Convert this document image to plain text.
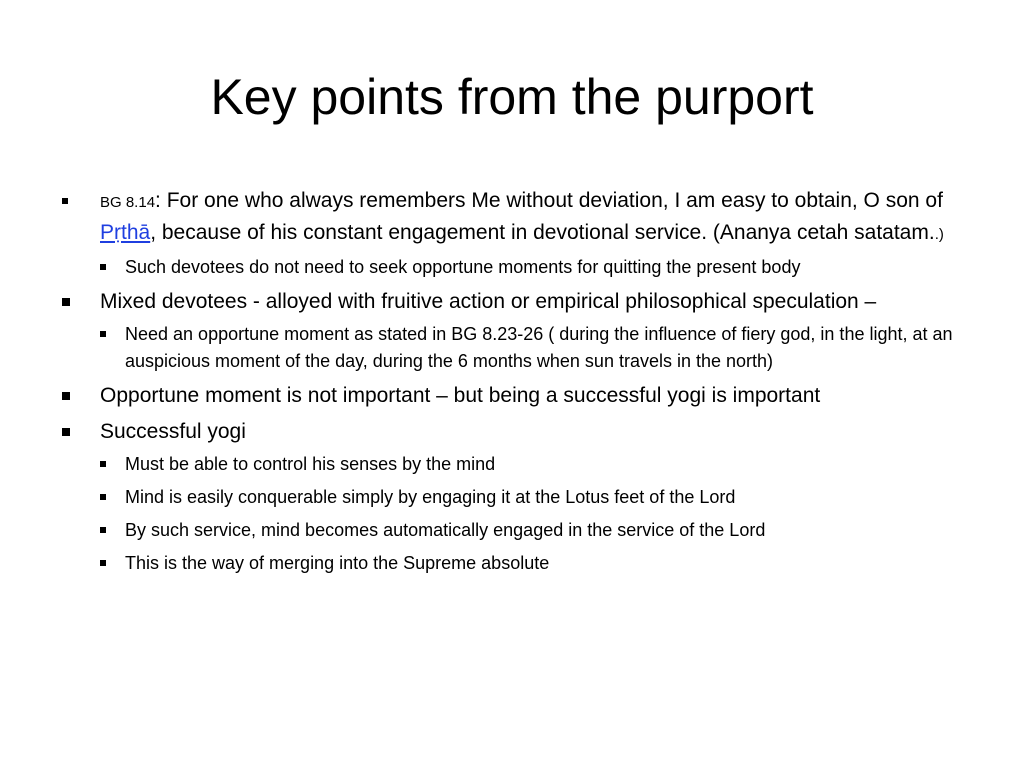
Key points from the purport
BG 8.14: For one who always remembers Me without deviation, I am easy to obtain, O son of Pṛthā, because of his constant engagement in devotional service. (Ananya cetah satatam..)
Such devotees do not need to seek opportune moments for quitting the present body
Mixed devotees - alloyed with fruitive action or empirical philosophical speculation –
Need an opportune moment as stated in BG 8.23-26 ( during the influence of fiery god, in the light, at an auspicious moment of the day, during the 6 months when sun travels in the north)
Opportune moment is not important – but being a successful yogi is important
Successful yogi
Must be able to control his senses by the mind
Mind is easily conquerable simply by engaging it at the Lotus feet of the Lord
By such service, mind becomes automatically engaged in the service of the Lord
This is the way of merging into the Supreme absolute
